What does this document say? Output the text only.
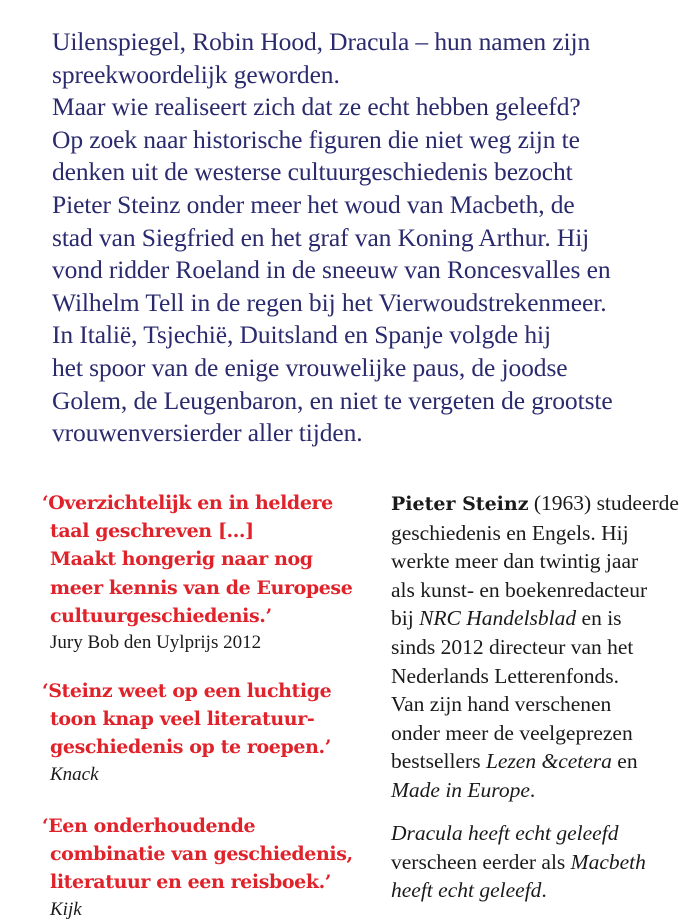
Uilenspiegel, Robin Hood, Dracula – hun namen zijn
spreekwoordelijk geworden.
Maar wie realiseert zich dat ze echt hebben geleefd?
Op zoek naar historische figuren die niet weg zijn te
denken uit de westerse cultuurgeschiedenis bezocht
Pieter Steinz onder meer het woud van Macbeth, de
stad van Siegfried en het graf van Koning Arthur. Hij
vond ridder Roeland in de sneeuw van Roncesvalles en
Wilhelm Tell in de regen bij het Vierwoudstrekenmeer.
In Italië, Tsjechië, Duitsland en Spanje volgde hij
het spoor van de enige vrouwelijke paus, de joodse
Golem, de Leugenbaron, en niet te vergeten de grootste
vrouwenversierder aller tijden.
‘Overzichtelijk en in heldere
taal geschreven […]
Maakt hongerig naar nog
meer kennis van de Europese
cultuurgeschiedenis.’
Jury Bob den Uylprijs 2012
‘Steinz weet op een luchtige
toon knap veel literatuur-
geschiedenis op te roepen.’
Knack
‘Een onderhoudende
combinatie van geschiedenis,
literatuur en een reisboek.’
Kijk
Pieter Steinz (1963) studeerde
geschiedenis en Engels. Hij
werkte meer dan twintig jaar
als kunst- en boekenredacteur
bij NRC Handelsblad en is
sinds 2012 directeur van het
Nederlands Letterenfonds.
Van zijn hand verschenen
onder meer de veelgeprezen
bestsellers Lezen &cetera en
Made in Europe.
Dracula heeft echt geleefd
verscheen eerder als Macbeth
heeft echt geleefd.
